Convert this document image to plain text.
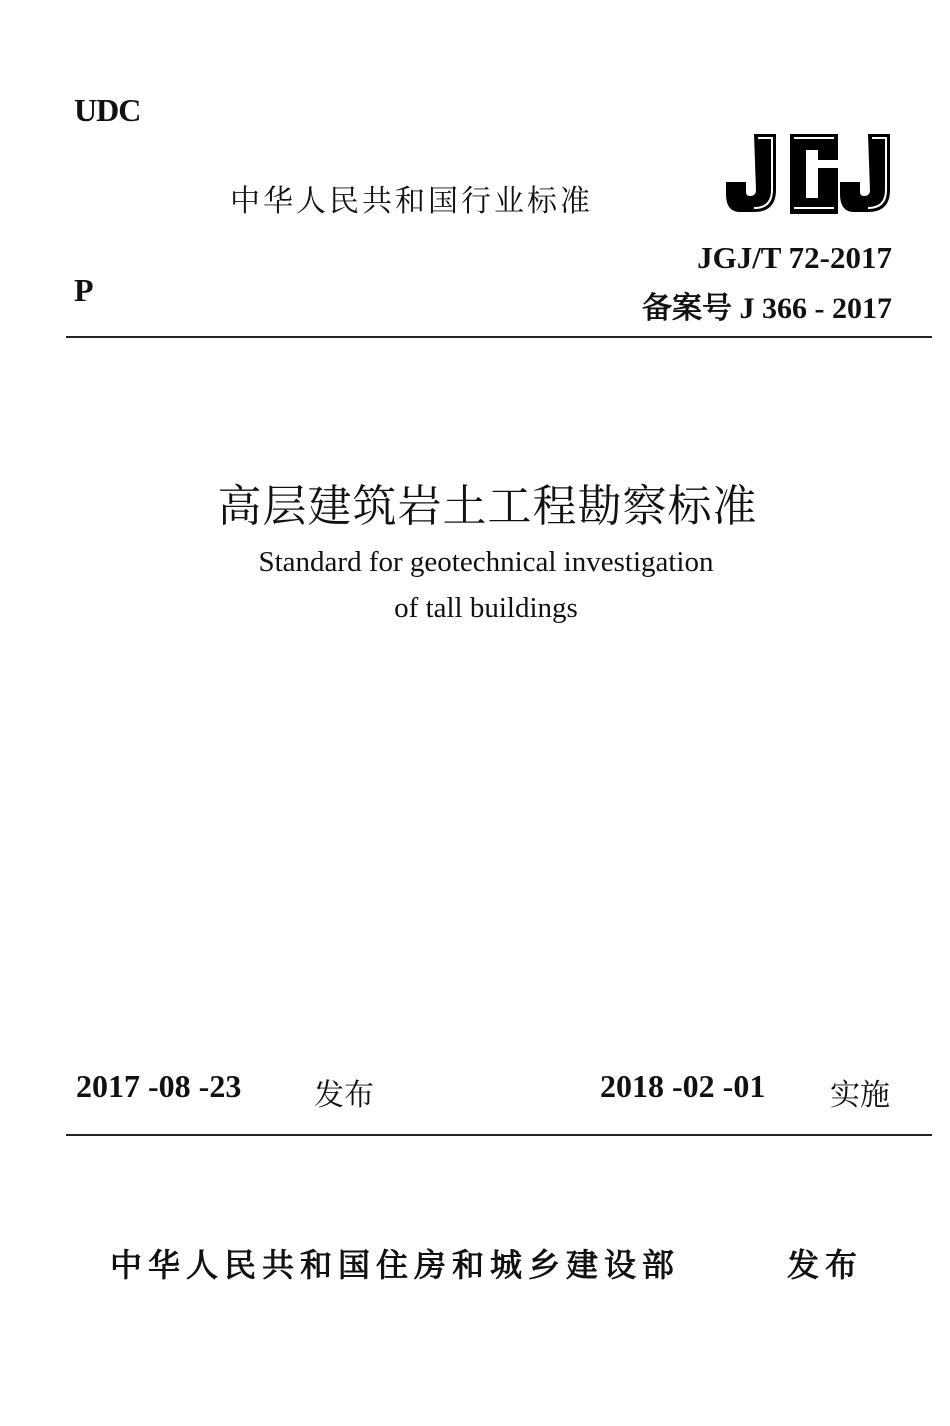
UDC
中华人民共和国行业标准
P
JGJ/T 72-2017
备案号 J 366 - 2017
高层建筑岩土工程勘察标准
Standard for geotechnical investigation
of tall buildings
2017 -08 -23 发布	2018 -02 -01 实施
中华人民共和国住房和城乡建设部	发布
